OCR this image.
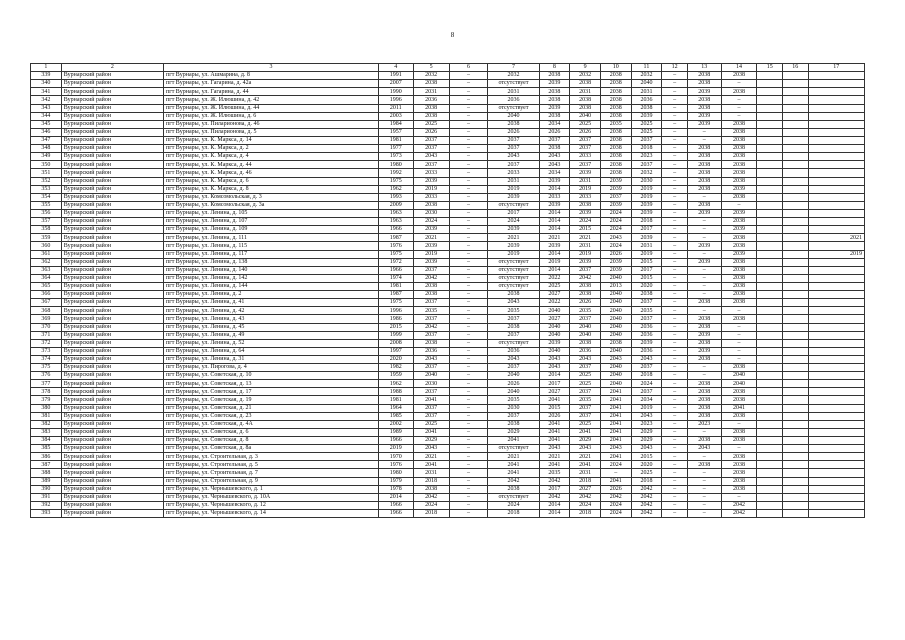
8
1	2	3	4	5	6	7	8	9	10	11	12	13	14	15	16	17
339	Вурнарский район	пгт Вурнары, ул. Ашмарина, д. 8	1991	2032	–	2032	2038	2032	2038	2032	–	2038	2038			
340	Вурнарский район	пгт Вурнары, ул. Гагарина, д. 42а	2007	2038	–	отсутствует	2039	2038	2038	2040	–	2038	–			
341	Вурнарский район	пгт Вурнары, ул. Гагарина, д. 44	1990	2031	–	2031	2038	2031	2038	2031	–	2039	2038			
342	Вурнарский район	пгт Вурнары, ул. Ж. Илюшина, д. 42	1996	2036	–	2036	2038	2038	2038	2036	–	2038	–			
343	Вурнарский район	пгт Вурнары, ул. Ж. Илюшина, д. 44	2011	2038	–	отсутствует	2039	2038	2038	2038	–	2038	–			
344	Вурнарский район	пгт Вурнары, ул. Ж. Илюшина, д. 6	2003	2038	–	2040	2038	2040	2038	2039	–	2039	–			
345	Вурнарский район	пгт Вурнары, ул. Пиларионова, д. 46	1984	2025	–	2038	2034	2025	2035	2025	–	2039	2038			
346	Вурнарский район	пгт Вурнары, ул. Пиларионова, д. 5	1957	2026	–	2026	2026	2026	2038	2025	–	–	2038			
347	Вурнарский район	пгт Вурнары, ул. К. Маркса, д. 14	1981	2037	–	2037	2037	2037	2038	2037	–	–	2038			
348	Вурнарский район	пгт Вурнары, ул. К. Маркса, д. 2	1977	2037	–	2037	2038	2037	2038	2018	–	2038	2038			
349	Вурнарский район	пгт Вурнары, ул. К. Маркса, д. 4	1973	2043	–	2043	2043	2033	2038	2023	–	2038	2038			
350	Вурнарский район	пгт Вурнары, ул. К. Маркса, д. 44	1980	2037	–	2037	2043	2037	2038	2037	–	2038	2038			
351	Вурнарский район	пгт Вурнары, ул. К. Маркса, д. 46	1992	2033	–	2033	2034	2039	2038	2032	–	2038	2038			
352	Вурнарский район	пгт Вурнары, ул. К. Маркса, д. 6	1975	2039	–	2031	2039	2031	2039	2030	–	2038	2038			
353	Вурнарский район	пгт Вурнары, ул. К. Маркса, д. 8	1962	2019	–	2019	2014	2019	2039	2019	–	2038	2039			
354	Вурнарский район	пгт Вурнары, ул. Комсомольская, д. 3	1993	2033	–	2039	2033	2033	2037	2019	–	–	2038			
355	Вурнарский район	пгт Вурнары, ул. Комсомольская, д. 3а	2009	2038	–	отсутствует	2039	2038	2039	2039	–	2038	–			
356	Вурнарский район	пгт Вурнары, ул. Ленина, д. 105	1963	2030	–	2017	2014	2039	2024	2039	–	2039	2039			
357	Вурнарский район	пгт Вурнары, ул. Ленина, д. 107	1963	2024	–	2024	2014	2024	2024	2018	–	–	2038			
358	Вурнарский район	пгт Вурнары, ул. Ленина, д. 109	1966	2039	–	2039	2014	2015	2024	2017	–	–	2039			
359	Вурнарский район	пгт Вурнары, ул. Ленина, д. 111	1987	2021	–	2021	2021	2021	2043	2039	–	–	2038			2021
360	Вурнарский район	пгт Вурнары, ул. Ленина, д. 115	1976	2039	–	2039	2039	2031	2024	2031	–	2039	2038			
361	Вурнарский район	пгт Вурнары, ул. Ленина, д. 117	1975	2019	–	2019	2014	2019	2026	2019	–	–	2039			2019
362	Вурнарский район	пгт Вурнары, ул. Ленина, д. 138	1972	2039	–	отсутствует	2019	2039	2039	2015	–	2039	2038			
363	Вурнарский район	пгт Вурнары, ул. Ленина, д. 140	1966	2037	–	отсутствует	2014	2037	2039	2017	–	–	2038			
364	Вурнарский район	пгт Вурнары, ул. Ленина, д. 142	1974	2042	–	отсутствует	2022	2042	2040	2015	–	–	2038			
365	Вурнарский район	пгт Вурнары, ул. Ленина, д. 144	1981	2038	–	отсутствует	2025	2038	2013	2020	–	–	2038			
366	Вурнарский район	пгт Вурнары, ул. Ленина, д. 2	1987	2038	–	2038	2027	2038	2040	2038	–	–	2038			
367	Вурнарский район	пгт Вурнары, ул. Ленина, д. 41	1975	2037	–	2043	2022	2026	2040	2037	–	2038	2038			
368	Вурнарский район	пгт Вурнары, ул. Ленина, д. 42	1996	2035	–	2035	2040	2035	2040	2035	–	–	–			
369	Вурнарский район	пгт Вурнары, ул. Ленина, д. 43	1986	2037	–	2037	2027	2037	2040	2037	–	2038	2038			
370	Вурнарский район	пгт Вурнары, ул. Ленина, д. 45	2015	2042	–	2038	2040	2040	2040	2036	–	2038	–			
371	Вурнарский район	пгт Вурнары, ул. Ленина, д. 49	1999	2037	–	2037	2040	2040	2040	2036	–	2039	–			
372	Вурнарский район	пгт Вурнары, ул. Ленина, д. 52	2008	2038	–	отсутствует	2039	2038	2038	2039	–	2038	–			
373	Вурнарский район	пгт Вурнары, ул. Ленина, д. 64	1997	2036	–	2036	2040	2036	2040	2036	–	2039	–			
374	Вурнарский район	пгт Вурнары, ул. Ленина, д. 31	2020	2043	–	2043	2043	2043	2043	2043	–	2038	–			
375	Вурнарский район	пгт Вурнары, ул. Пирогова, д. 4	1982	2037	–	2037	2043	2037	2040	2037	–	–	2038			
376	Вурнарский район	пгт Вурнары, ул. Советская, д. 10	1959	2040	–	2040	2014	2025	2040	2018	–	–	2040			
377	Вурнарский район	пгт Вурнары, ул. Советская, д. 13	1962	2030	–	2026	2017	2025	2040	2024	–	2038	2040			
378	Вурнарский район	пгт Вурнары, ул. Советская, д. 17	1988	2037	–	2040	2027	2037	2041	2037	–	2038	2038			
379	Вурнарский район	пгт Вурнары, ул. Советская, д. 19	1981	2041	–	2035	2041	2035	2041	2034	–	2038	2038			
380	Вурнарский район	пгт Вурнары, ул. Советская, д. 21	1964	2037	–	2030	2015	2037	2041	2019	–	2038	2041			
381	Вурнарский район	пгт Вурнары, ул. Советская, д. 23	1985	2037	–	2037	2026	2037	2041	2043	–	2038	2038			
382	Вурнарский район	пгт Вурнары, ул. Советская, д. 4А	2002	2025	–	2038	2041	2025	2041	2023	–	2023	–			
383	Вурнарский район	пгт Вурнары, ул. Советская, д. 6	1989	2041	–	2029	2041	2041	2041	2029	–	–	2038			
384	Вурнарский район	пгт Вурнары, ул. Советская, д. 8	1966	2029	–	2041	2041	2029	2041	2029	–	2038	2038			
385	Вурнарский район	пгт Вурнары, ул. Советская, д. 8а	2019	2043	–	отсутствует	2043	2043	2043	2043	–	2043	–			
386	Вурнарский район	пгт Вурнары, ул. Строительная, д. 3	1970	2021	–	2021	2021	2021	2041	2015	–	–	2038			
387	Вурнарский район	пгт Вурнары, ул. Строительная, д. 5	1976	2041	–	2041	2041	2041	2024	2020	–	2038	2038			
388	Вурнарский район	пгт Вурнары, ул. Строительная, д. 7	1980	2031	–	2041	2035	2031	–	2025	–	–	2038			
389	Вурнарский район	пгт Вурнары, ул. Строительная, д. 9	1979	2018	–	2042	2042	2018	2041	2018	–	–	2038			
390	Вурнарский район	пгт Вурнары, ул. Чернышевского, д. 1	1978	2038	–	2038	2017	2027	2026	2042	–	–	2038			
391	Вурнарский район	пгт Вурнары, ул. Чернышевского, д. 10А	2014	2042	–	отсутствует	2042	2042	2042	2042	–	–	–			
392	Вурнарский район	пгт Вурнары, ул. Чернышевского, д. 12	1966	2024	–	2024	2014	2024	2024	2042	–	–	2042			
393	Вурнарский район	пгт Вурнары, ул. Чернышевского, д. 14	1966	2018	–	2018	2014	2018	2024	2042	–	–	2042			
